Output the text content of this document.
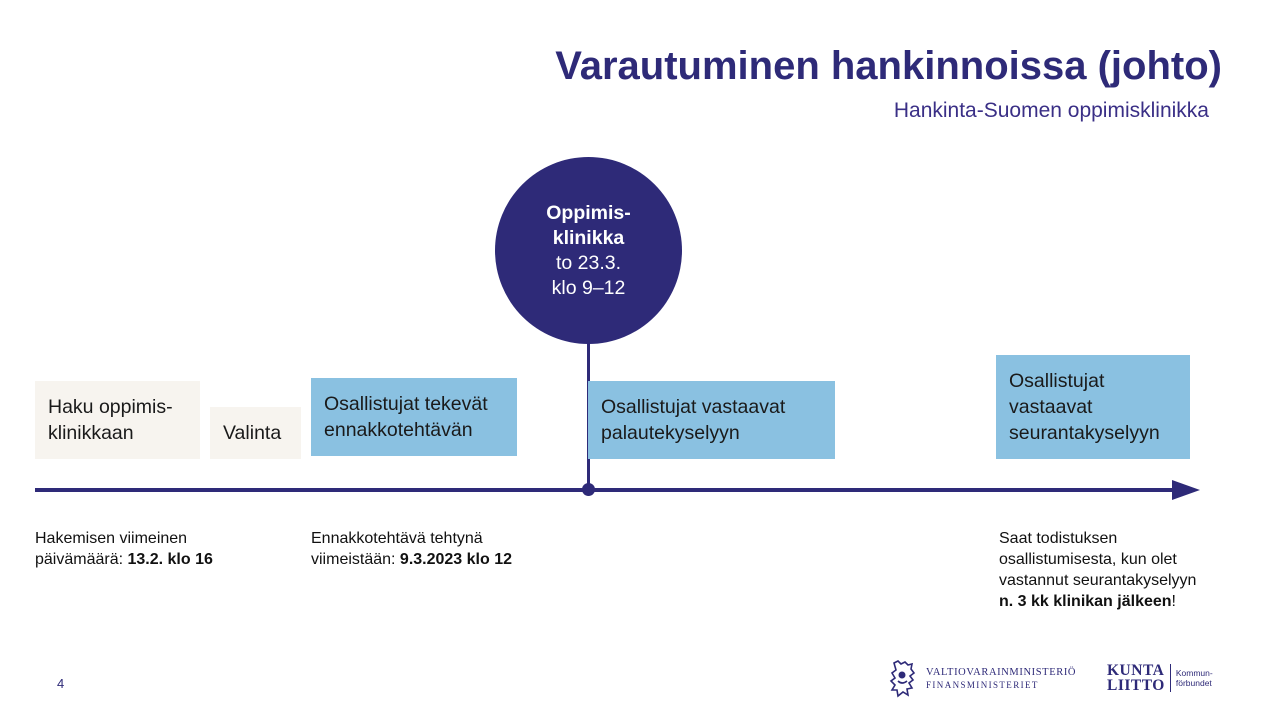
Varautuminen hankinnoissa (johto)
Hankinta-Suomen oppimisklinikka
Oppimis-
klinikka
to 23.3.
klo 9–12
Haku oppimis-
klinikkaan	Valinta
Osallistujat tekevät
ennakkotehtävän
Osallistujat vastaavat
palautekyselyyn
Osallistujat
vastaavat
seurantakyselyyn
Hakemisen viimeinen
päivämäärä: 13.2. klo 16
Ennakkotehtävä tehtynä
viimeistään: 9.3.2023 klo 12
Saat todistuksen
osallistumisesta, kun olet
vastannut seurantakyselyyn
n. 3 kk klinikan jälkeen!
4
VALTIOVARAINMINISTERIÖ
FINANSMINISTERIET
KUNTA
LIITTO
Kommun-
förbundet
